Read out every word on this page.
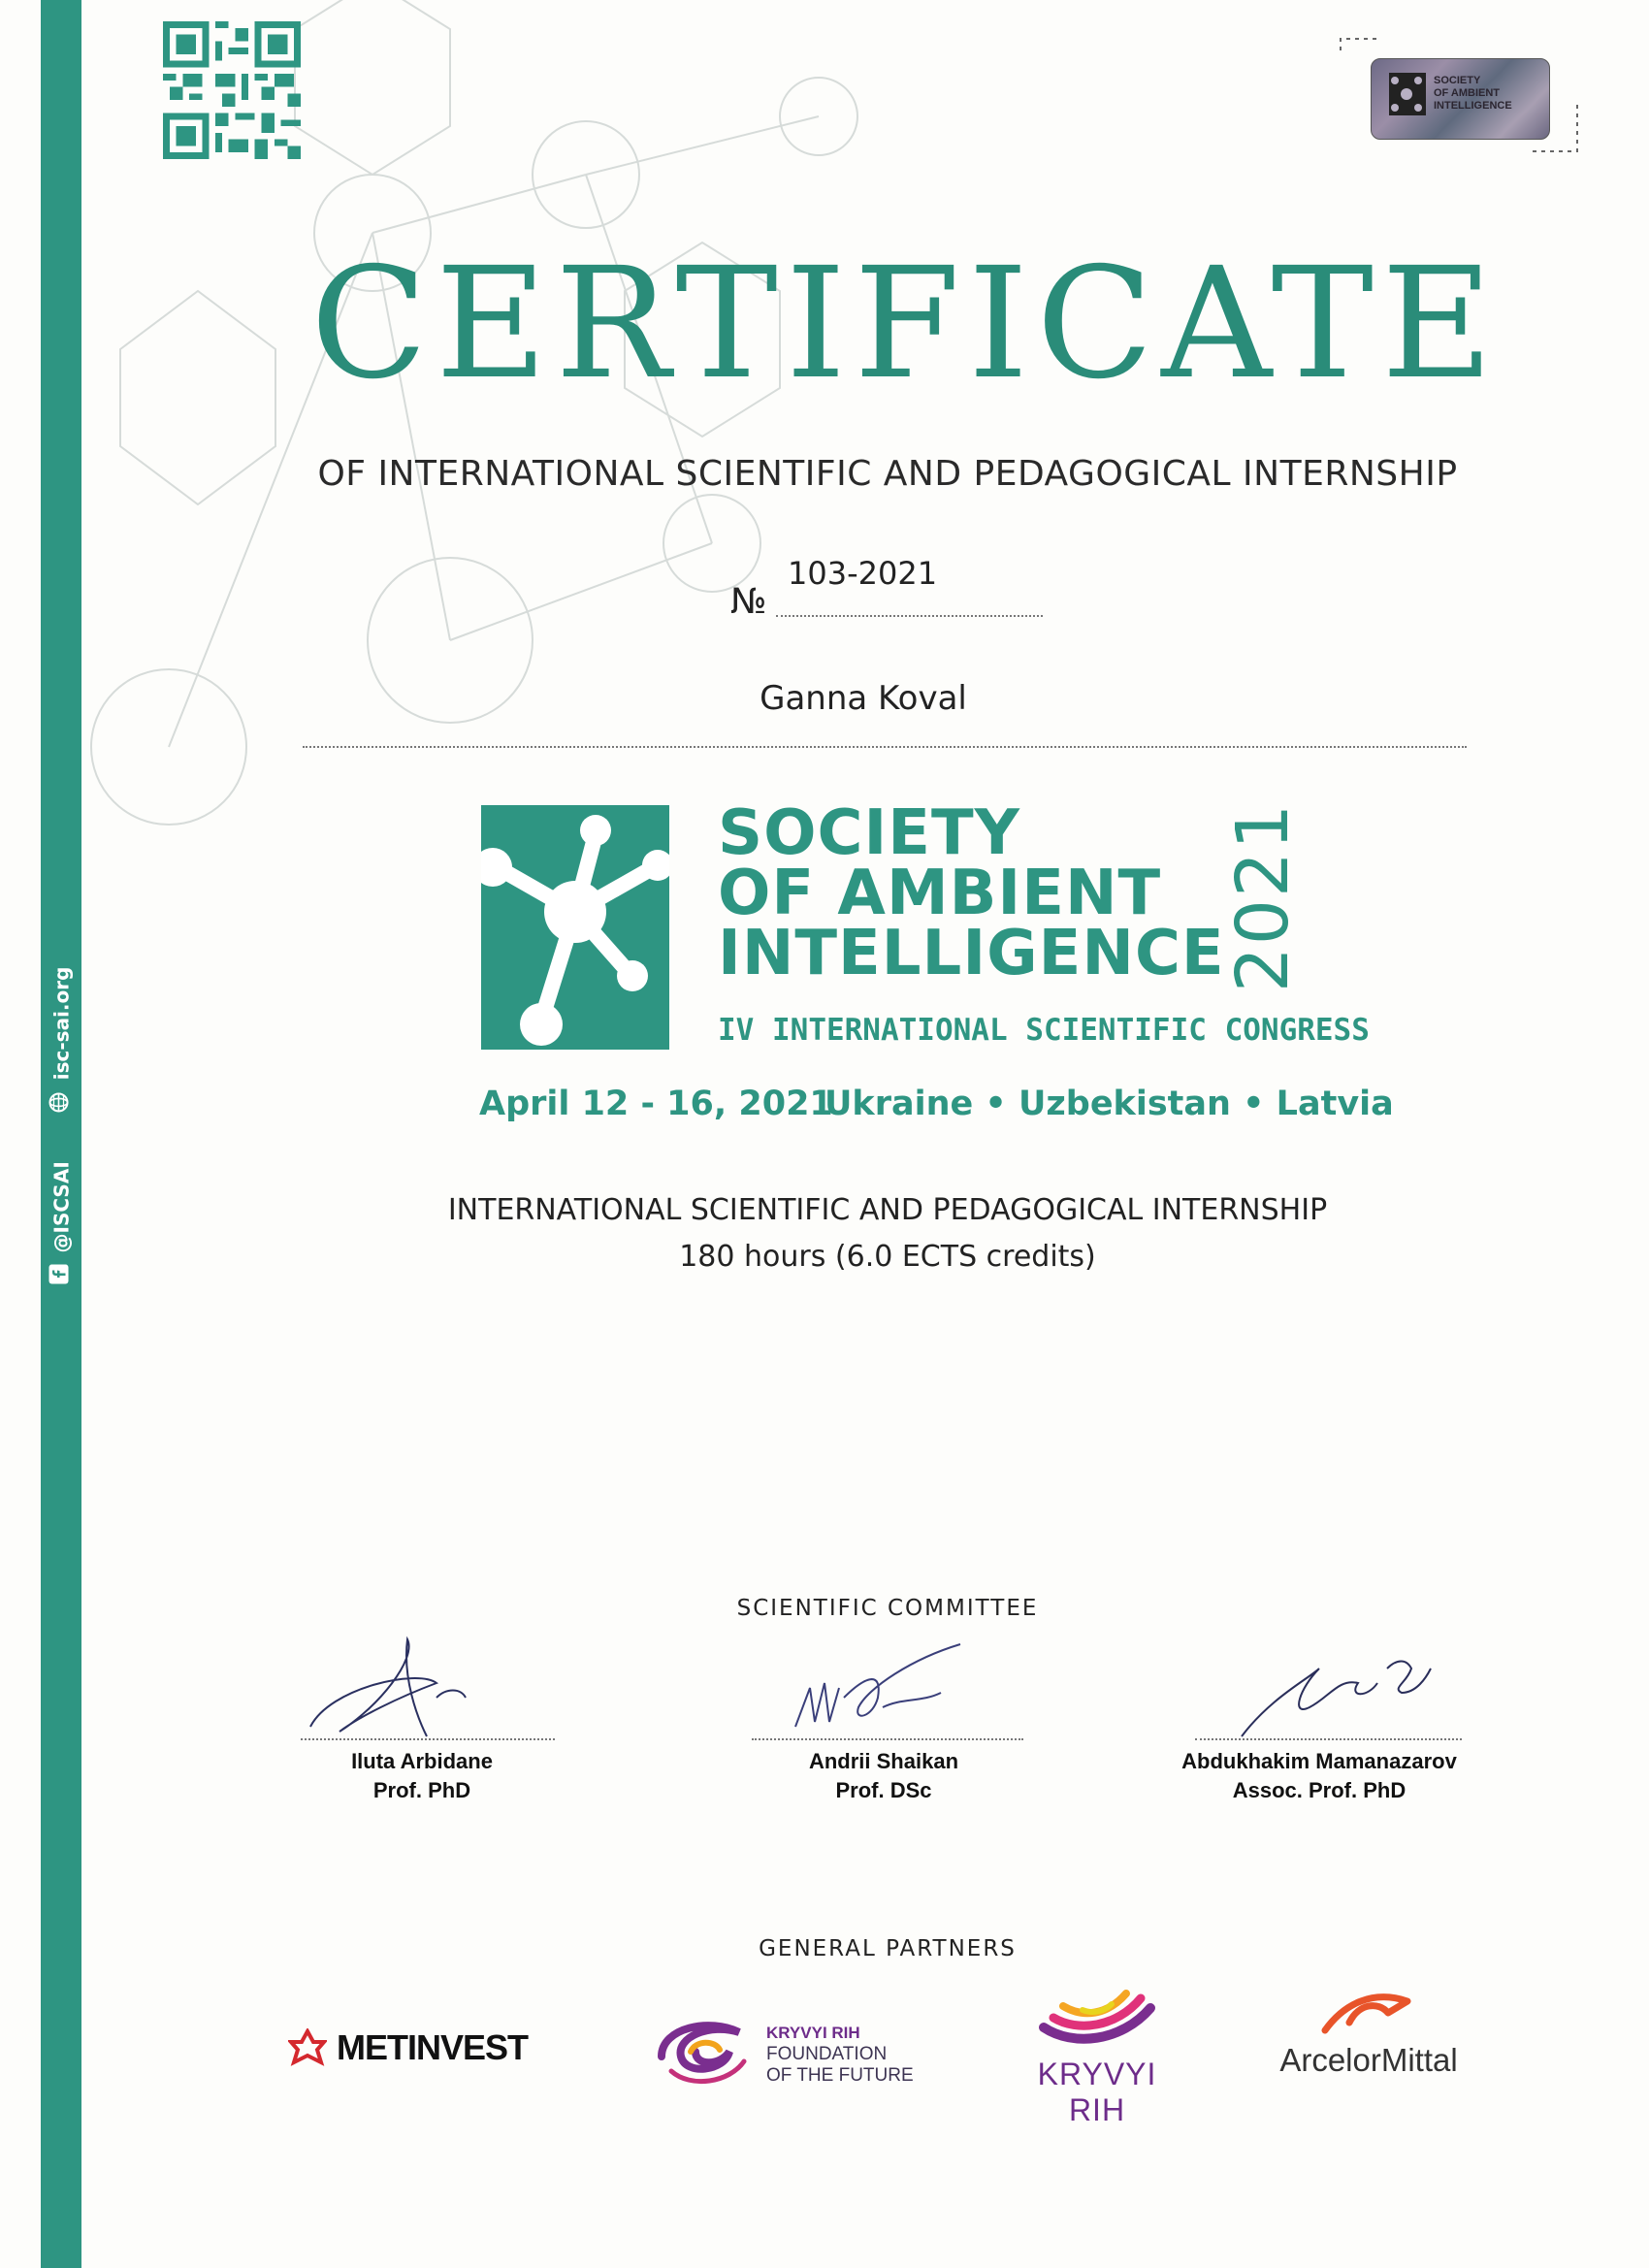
@ISCSAI
isc-sai.org
SOCIETY
OF AMBIENT
INTELLIGENCE
CERTIFICATE
OF INTERNATIONAL SCIENTIFIC AND PEDAGOGICAL INTERNSHIP
№
103-2021
Ganna Koval
SOCIETY
OF AMBIENT
INTELLIGENCE
2021
IV INTERNATIONAL SCIENTIFIC CONGRESS
April 12 - 16, 2021
Ukraine • Uzbekistan • Latvia
INTERNATIONAL SCIENTIFIC AND PEDAGOGICAL INTERNSHIP
180 hours (6.0 ECTS credits)
SCIENTIFIC COMMITTEE
Iluta Arbidane
Prof. PhD
Andrii Shaikan
Prof. DSc
Abdukhakim Mamanazarov
Assoc. Prof. PhD
GENERAL PARTNERS
METINVEST	KRYVYI RIH
FOUNDATION
OF THE FUTURE	KRYVYI RIH
ArcelorMittal
